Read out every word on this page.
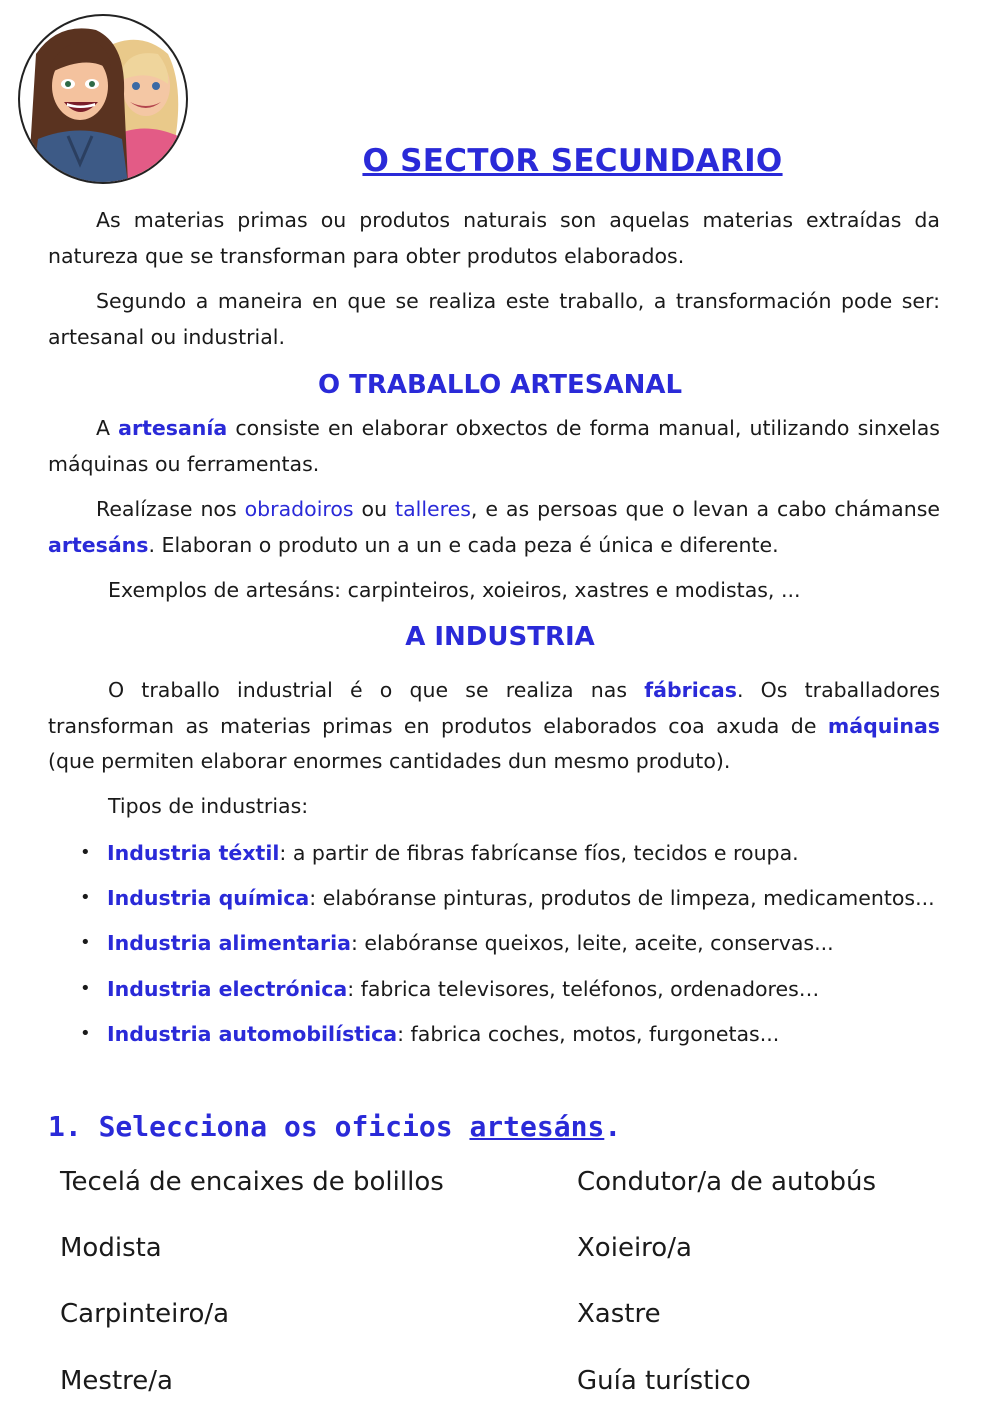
O SECTOR SECUNDARIO

As materias primas ou produtos naturais son aquelas materias extraídas da natureza que se transforman para obter produtos elaborados.

Segundo a maneira en que se realiza este traballo, a transformación pode ser: artesanal ou industrial.

O TRABALLO ARTESANAL

A artesanía consiste en elaborar obxectos de forma manual, utilizando sinxelas máquinas ou ferramentas.

Realízase nos obradoiros ou talleres, e as persoas que o levan a cabo chámanse artesáns. Elaboran o produto un a un e cada peza é única e diferente.

Exemplos de artesáns: carpinteiros, xoieiros, xastres e modistas, ...

A INDUSTRIA

O traballo industrial é o que se realiza nas fábricas. Os traballadores transforman as materias primas en produtos elaborados coa axuda de máquinas (que permiten elaborar enormes cantidades dun mesmo produto).

Tipos de industrias:

• Industria téxtil: a partir de fibras fabrícanse fíos, tecidos e roupa.
• Industria química: elabóranse pinturas, produtos de limpeza, medicamentos...
• Industria alimentaria: elabóranse queixos, leite, aceite, conservas...
• Industria electrónica: fabrica televisores, teléfonos, ordenadores…
• Industria automobilística: fabrica coches, motos, furgonetas...
1. Selecciona os oficios artesáns.
Tecelá de encaixes de bolillos	Condutor/a de autobús
Modista	Xoieiro/a
Carpinteiro/a	Xastre
Mestre/a	Guía turístico
